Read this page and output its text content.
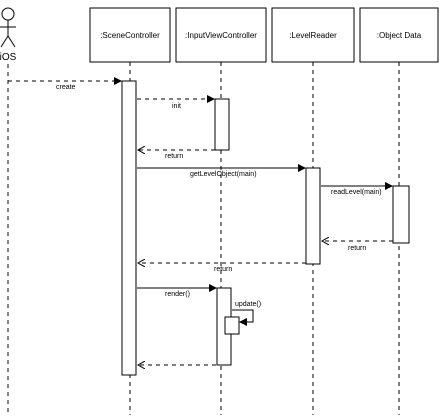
iOS
:SceneController	:InputViewController	:LevelReader	:Object Data
create
init
return
getLevelObject(main)
readLevel(main)
return
return
render()
update()
